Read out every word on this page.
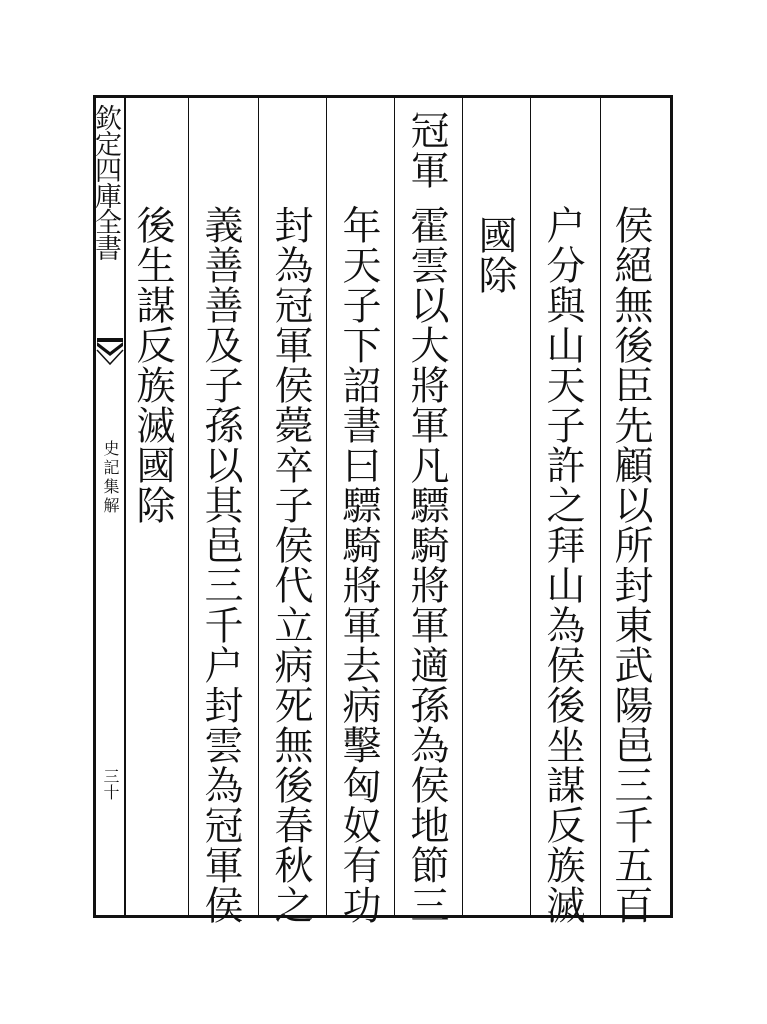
欽定四庫全書
史記集解
三十	侯絕無後臣先顧以所封東武陽邑三千五百
户分與山天子許之拜山為侯後坐謀反族滅
國除
冠軍
霍雲以大將軍凡驃騎將軍適孫為侯地節三
年天子下詔書曰驃騎將軍去病擊匈奴有功
封為冠軍侯薨卒子侯代立病死無後春秋之
義善善及子孫以其邑三千户封雲為冠軍侯
後生謀反族滅國除
